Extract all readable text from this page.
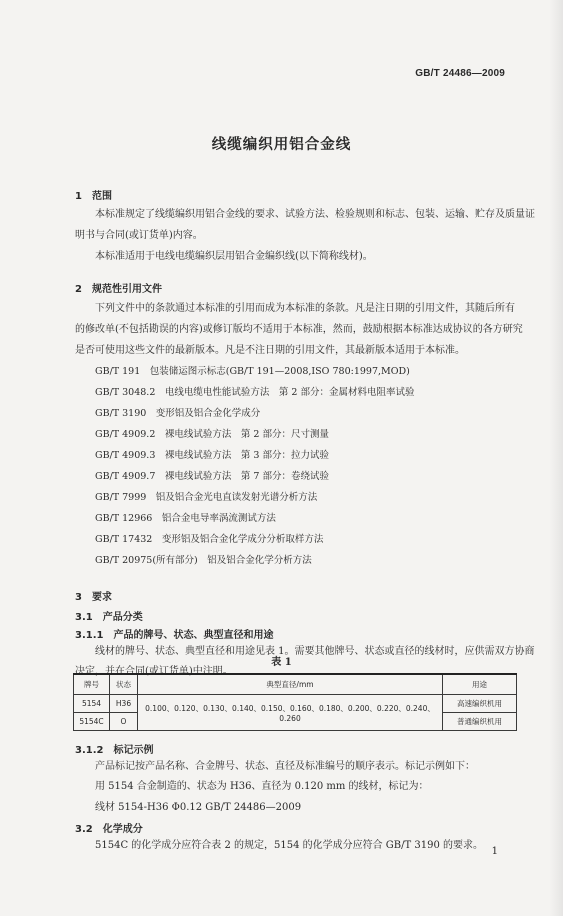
GB/T 24486—2009
线缆编织用铝合金线
1　范围
本标准规定了线缆编织用铝合金线的要求、试验方法、检验规则和标志、包装、运输、贮存及质量证
明书与合同(或订货单)内容。
本标准适用于电线电缆编织层用铝合金编织线(以下简称线材)。
2　规范性引用文件
下列文件中的条款通过本标准的引用而成为本标准的条款。凡是注日期的引用文件，其随后所有
的修改单(不包括勘误的内容)或修订版均不适用于本标准，然而，鼓励根据本标准达成协议的各方研究
是否可使用这些文件的最新版本。凡是不注日期的引用文件，其最新版本适用于本标准。
GB/T 191　包装储运图示标志(GB/T 191—2008,ISO 780:1997,MOD)
GB/T 3048.2　电线电缆电性能试验方法　第 2 部分：金属材料电阻率试验
GB/T 3190　变形铝及铝合金化学成分
GB/T 4909.2　裸电线试验方法　第 2 部分：尺寸测量
GB/T 4909.3　裸电线试验方法　第 3 部分：拉力试验
GB/T 4909.7　裸电线试验方法　第 7 部分：卷绕试验
GB/T 7999　铝及铝合金光电直读发射光谱分析方法
GB/T 12966　铝合金电导率涡流测试方法
GB/T 17432　变形铝及铝合金化学成分分析取样方法
GB/T 20975(所有部分)　铝及铝合金化学分析方法
3　要求
3.1　产品分类
3.1.1　产品的牌号、状态、典型直径和用途
线材的牌号、状态、典型直径和用途见表 1。需要其他牌号、状态或直径的线材时，应供需双方协商
决定，并在合同(或订货单)中注明。
表 1
牌号	状态	典型直径/mm	用途
5154	H36	0.100、0.120、0.130、0.140、0.150、0.160、0.180、0.200、0.220、0.240、0.260	高速编织机用
5154C	O		普通编织机用
3.1.2　标记示例
产品标记按产品名称、合金牌号、状态、直径及标准编号的顺序表示。标记示例如下：
用 5154 合金制造的、状态为 H36、直径为 0.120 mm 的线材，标记为：
线材 5154-H36 Φ0.12 GB/T 24486—2009
3.2　化学成分
5154C 的化学成分应符合表 2 的规定，5154 的化学成分应符合 GB/T 3190 的要求。
1
